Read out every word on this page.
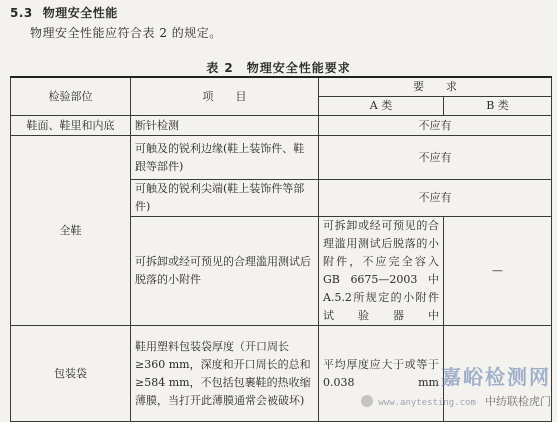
5.3 物理安全性能
物理安全性能应符合表 2 的规定。
表 2　物理安全性能要求
检验部位	项　　目	要　　求	
		A 类	B 类
鞋面、鞋里和内底	断针检测	不应有	
全鞋	可触及的锐利边缘(鞋上装饰件、鞋跟等部件)	不应有	
	可触及的锐利尖端(鞋上装饰件等部件)	不应有	
	可拆卸或经可预见的合理滥用测试后脱落的小附件	可拆卸或经可预见的合理滥用测试后脱落的小附件，不应完全容入 GB 6675—2003 中A.5.2所规定的小附件试验器中	—
包装袋	鞋用塑料包装袋厚度（开口周长≥360 mm，深度和开口周长的总和≥584 mm，不包括包裹鞋的热收缩薄膜，当打开此薄膜通常会被破坏)	平均厚度应大于或等于 0.038 mm	嘉峪检测网
www.anytesting.com 中纺联检虎门
